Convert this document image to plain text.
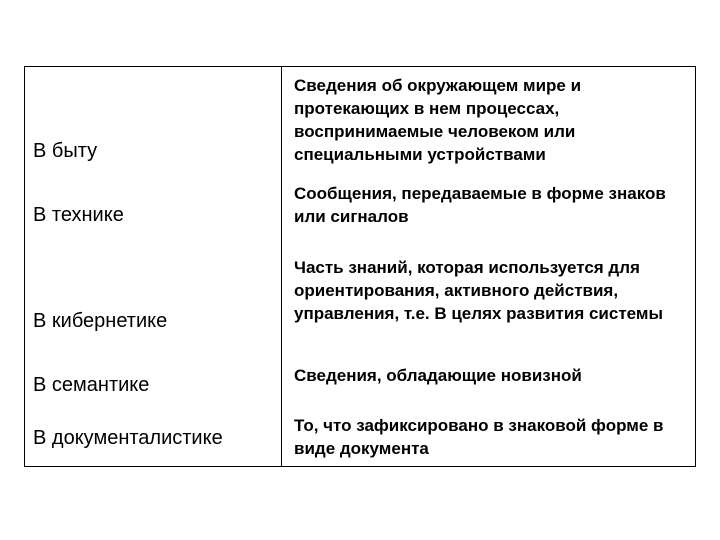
В быту
Сведения об окружающем мире и протекающих в нем процессах, воспринимаемые человеком или специальными устройствами
В технике
Сообщения, передаваемые в форме знаков или сигналов
В кибернетике
Часть знаний, которая используется для ориентирования, активного действия, управления, т.е. В целях развития системы
В семантике	Сведения, обладающие новизной
В документалистике
То, что зафиксировано в знаковой форме в виде документа
